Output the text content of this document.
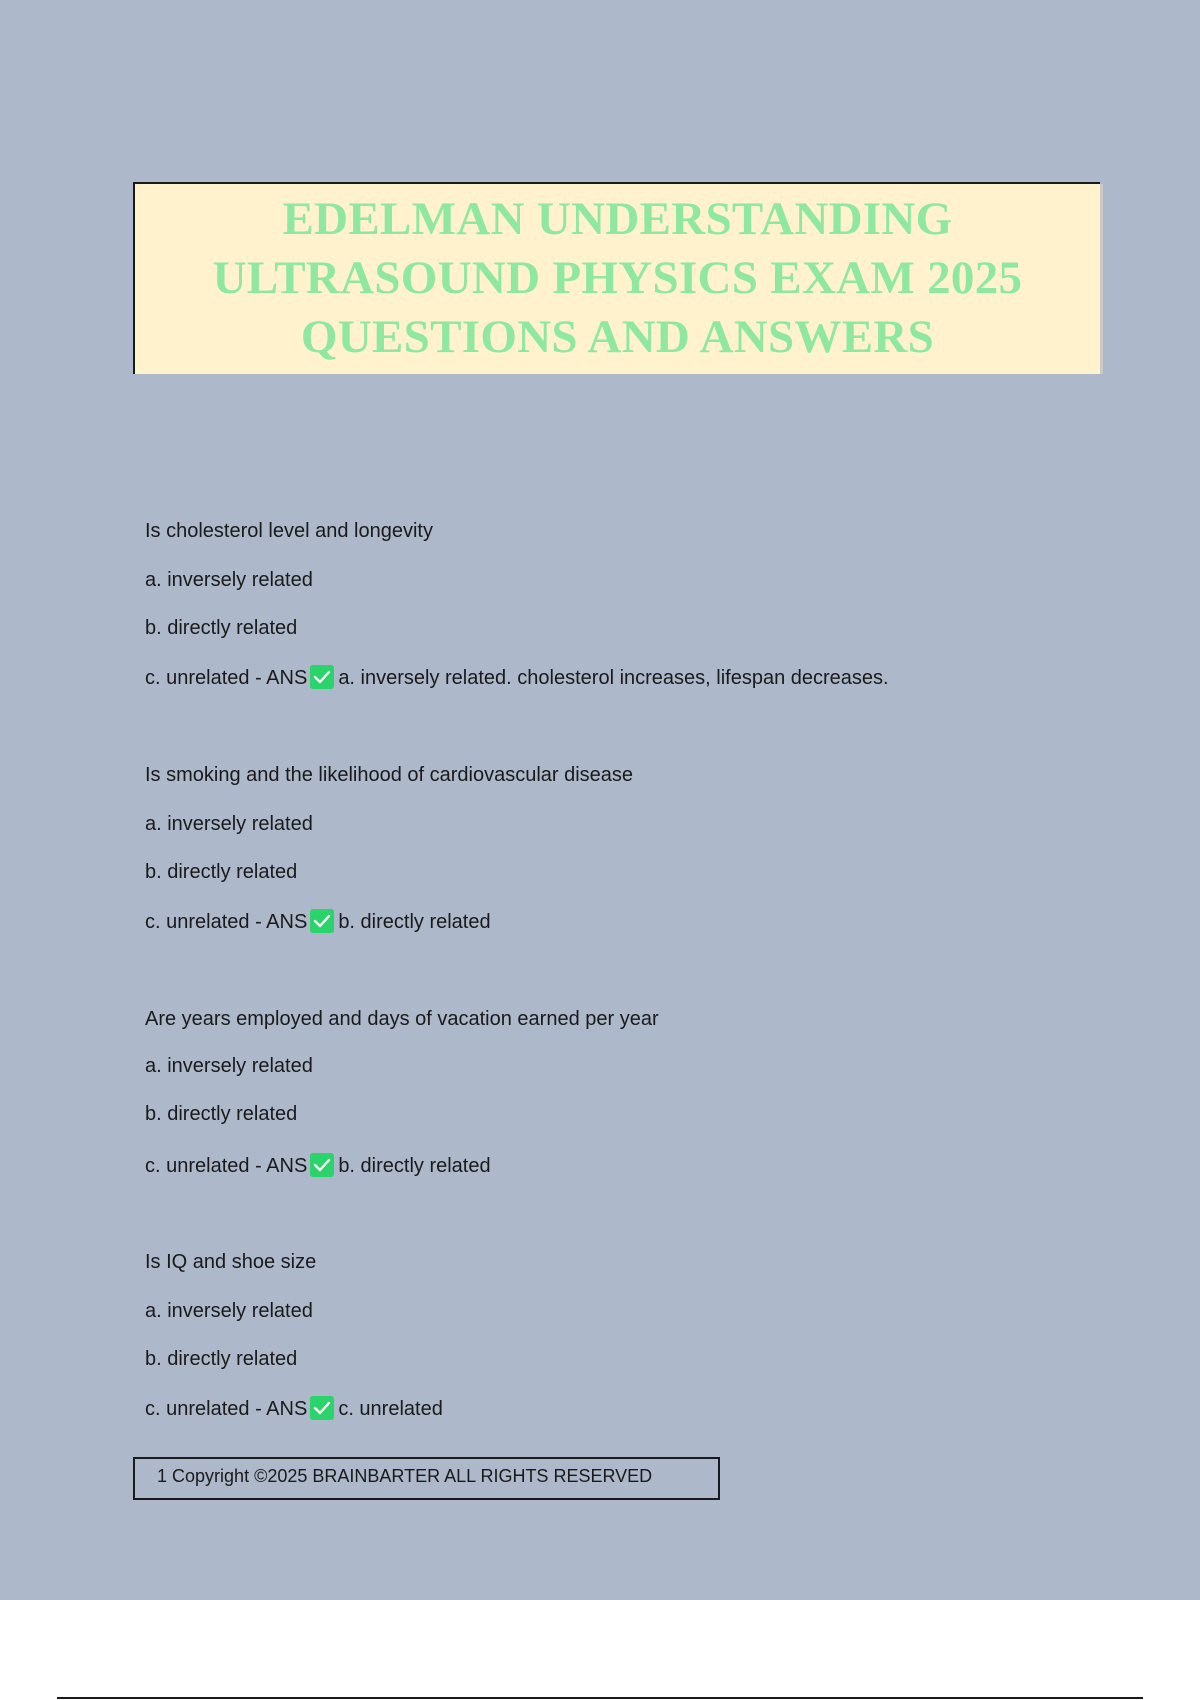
EDELMAN UNDERSTANDING
ULTRASOUND PHYSICS EXAM 2025
QUESTIONS AND ANSWERS
Is cholesterol level and longevity
a. inversely related
b. directly related
c. unrelated - ANS a. inversely related. cholesterol increases, lifespan decreases.
Is smoking and the likelihood of cardiovascular disease
a. inversely related
b. directly related
c. unrelated - ANS b. directly related
Are years employed and days of vacation earned per year
a. inversely related
b. directly related
c. unrelated - ANS b. directly related
Is IQ and shoe size
a. inversely related
b. directly related
c. unrelated - ANS c. unrelated
1 Copyright ©2025 BRAINBARTER ALL RIGHTS RESERVED
